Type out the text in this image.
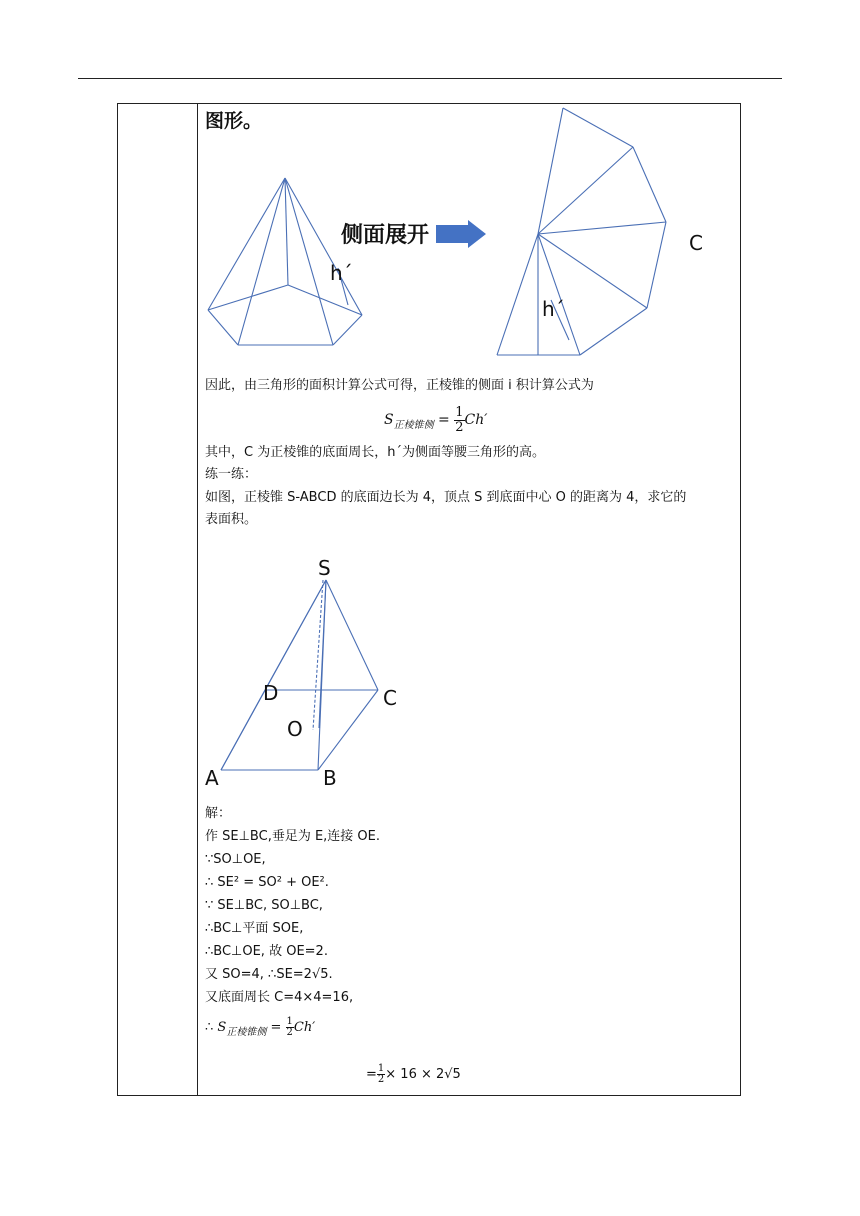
图形。
h´
侧面展开
h´
C
因此，由三角形的面积计算公式可得，正棱锥的侧面 i 积计算公式为
$S_{正棱锥侧} = \frac{1}{2} Ch'$
其中，C 为正棱锥的底面周长，h´为侧面等腰三角形的高。
练一练：
如图，正棱锥 S-ABCD 的底面边长为 4，顶点 S 到底面中心 O 的距离为 4，求它的
表面积。
S
D	C
O
A	B
解：
作 SE⊥BC,垂足为 E,连接 OE.
∵SO⊥OE,
∴ SE² = SO² + OE².
∵ SE⊥BC, SO⊥BC,
∴BC⊥平面 SOE,
∴BC⊥OE, 故 OE=2.
又 SO=4, ∴SE=2√5.
又底面周长 C=4×4=16,
∴ $S_{正棱锥侧} = \frac{1}{2} Ch'$
= $\frac{1}{2} \times 16 \times 2√5$
